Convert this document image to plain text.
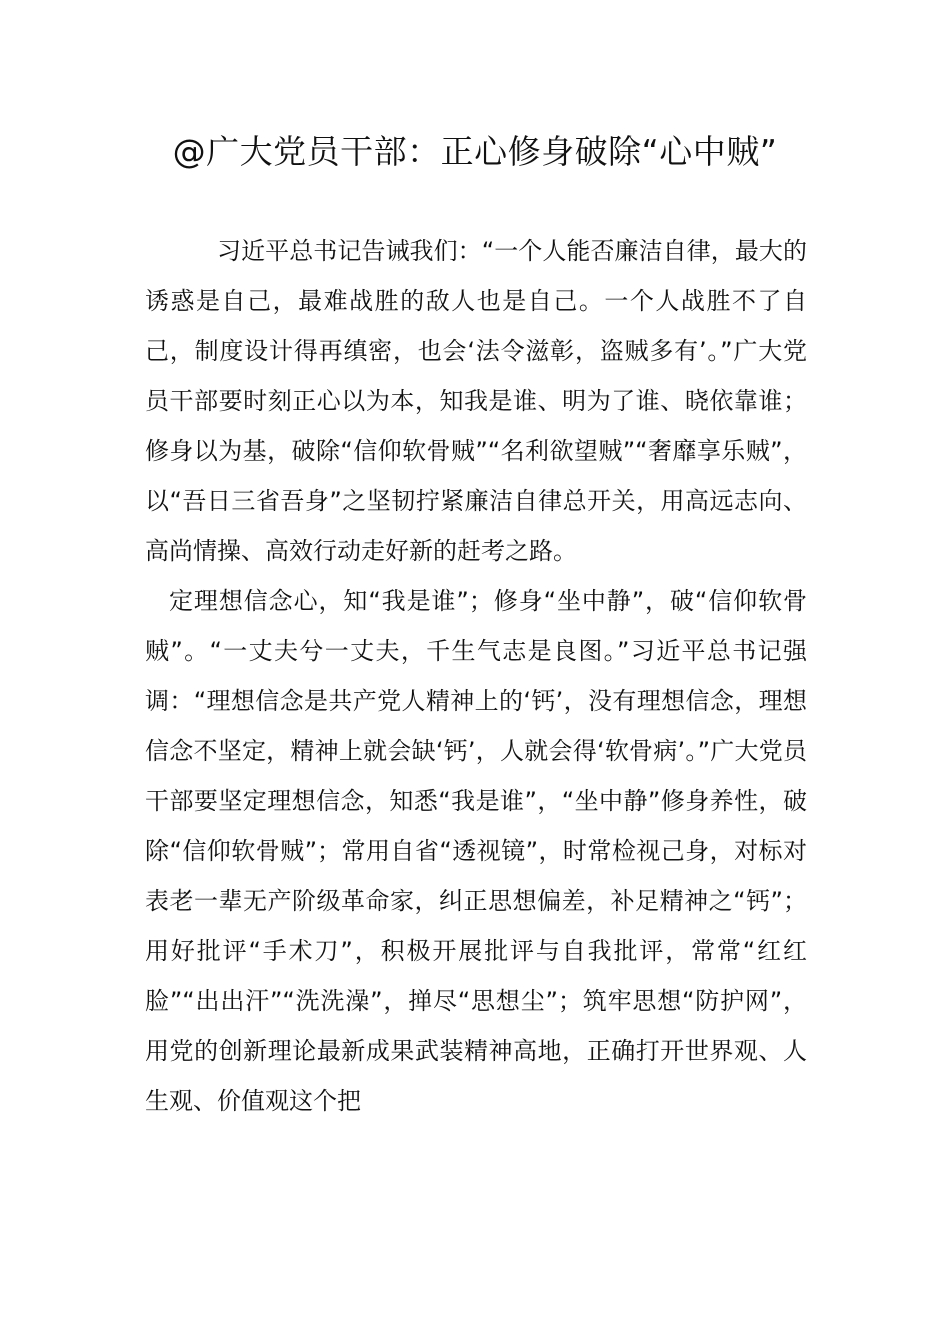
@广大党员干部：正心修身破除“心中贼”

习近平总书记告诫我们：“一个人能否廉洁自律，最大的诱惑是自己，最难战胜的敌人也是自己。一个人战胜不了自己，制度设计得再缜密，也会‘法令滋彰，盗贼多有’。”广大党员干部要时刻正心以为本，知我是谁、明为了谁、晓依靠谁；修身以为基，破除“信仰软骨贼”“名利欲望贼”“奢靡享乐贼”，以“吾日三省吾身”之坚韧拧紧廉洁自律总开关，用高远志向、高尚情操、高效行动走好新的赶考之路。

定理想信念心，知“我是谁”；修身“坐中静”，破“信仰软骨贼”。“一丈夫兮一丈夫，千生气志是良图。”习近平总书记强调：“理想信念是共产党人精神上的‘钙’，没有理想信念，理想信念不坚定，精神上就会缺‘钙’，人就会得‘软骨病’。”广大党员干部要坚定理想信念，知悉“我是谁”，“坐中静”修身养性，破除“信仰软骨贼”；常用自省“透视镜”，时常检视己身，对标对表老一辈无产阶级革命家，纠正思想偏差，补足精神之“钙”；用好批评“手术刀”，积极开展批评与自我批评，常常“红红脸”“出出汗”“洗洗澡”，掸尽“思想尘”；筑牢思想“防护网”，用党的创新理论最新成果武装精神高地，正确打开世界观、人生观、价值观这个把
